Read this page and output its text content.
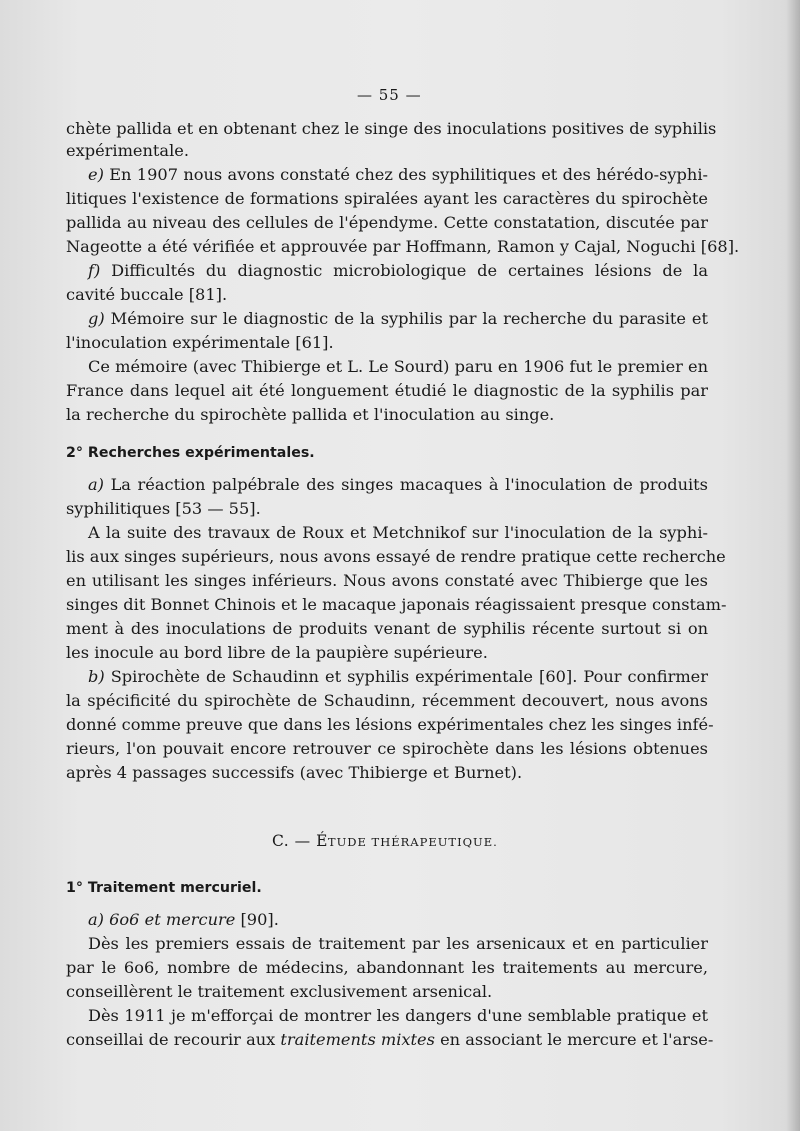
— 55 —
chète pallida et en obtenant chez le singe des inoculations positives de syphilis
expérimentale.
e) En 1907 nous avons constaté chez des syphilitiques et des hérédo-syphi-
litiques l'existence de formations spiralées ayant les caractères du spirochète
pallida au niveau des cellules de l'épendyme. Cette constatation, discutée par
Nageotte a été vérifiée et approuvée par Hoffmann, Ramon y Cajal, Noguchi [68].
f) Difficultés du diagnostic microbiologique de certaines lésions de la
cavité buccale [81].
g) Mémoire sur le diagnostic de la syphilis par la recherche du parasite et
l'inoculation expérimentale [61].
Ce mémoire (avec Thibierge et L. Le Sourd) paru en 1906 fut le premier en
France dans lequel ait été longuement étudié le diagnostic de la syphilis par
la recherche du spirochète pallida et l'inoculation au singe.
2° Recherches expérimentales.
a) La réaction palpébrale des singes macaques à l'inoculation de produits
syphilitiques [53 — 55].
A la suite des travaux de Roux et Metchnikof sur l'inoculation de la syphi-
lis aux singes supérieurs, nous avons essayé de rendre pratique cette recherche
en utilisant les singes inférieurs. Nous avons constaté avec Thibierge que les
singes dit Bonnet Chinois et le macaque japonais réagissaient presque constam-
ment à des inoculations de produits venant de syphilis récente surtout si on
les inocule au bord libre de la paupière supérieure.
b) Spirochète de Schaudinn et syphilis expérimentale [60]. Pour confirmer
la spécificité du spirochète de Schaudinn, récemment decouvert, nous avons
donné comme preuve que dans les lésions expérimentales chez les singes infé-
rieurs, l'on pouvait encore retrouver ce spirochète dans les lésions obtenues
après 4 passages successifs (avec Thibierge et Burnet).
C. — ÉTUDE THÉRAPEUTIQUE.
1° Traitement mercuriel.
a) 6o6 et mercure [90].
Dès les premiers essais de traitement par les arsenicaux et en particulier
par le 6o6, nombre de médecins, abandonnant les traitements au mercure,
conseillèrent le traitement exclusivement arsenical.
Dès 1911 je m'efforçai de montrer les dangers d'une semblable pratique et
conseillai de recourir aux traitements mixtes en associant le mercure et l'arse-
